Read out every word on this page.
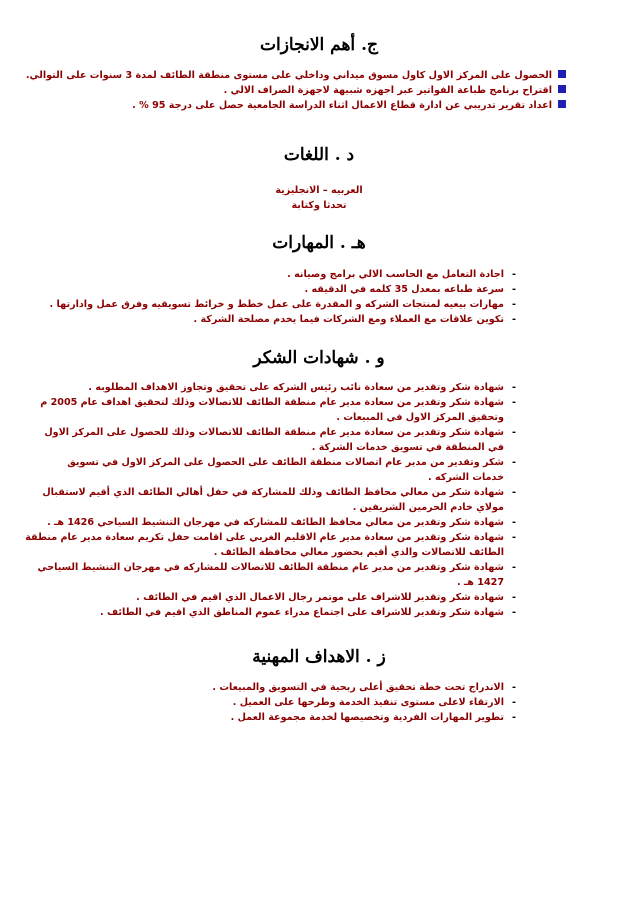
ج. أهم الانجازات
الحصول على المركز الاول كاول مسوق ميداني وداخلي على مستوى منطقة الطائف لمدة 3 سنوات على التوالي.
اقتراح برنامج طباعة الفواتير عبر اجهزه شبيهة لاجهزة الصراف الالي .
اعداد تقرير تدريبي عن ادارة قطاع الاعمال اثناء الدراسة الجامعية حصل على درجة 95 % .
د . اللغات
العربيه – الانجليزية
تحدثا وكتابة
هـ . المهارات
-اجادة التعامل مع الحاسب الالي برامج وصيانه .
-سرعة طباعه بمعدل 35 كلمه في الدقيقه .
-مهارات بيعيه لمنتجات الشركه و المقدرة على عمل خطط و خرائط تسويقيه وفرق عمل وادارتها .
-تكوين علاقات مع العملاء ومع الشركات فيما يخدم مصلحة الشركة .
و . شهادات الشكر
-شهادة شكر وتقدير من سعادة نائب رئيس الشركه على تحقيق وتجاوز الاهداف المطلوبه .
-شهادة شكر وتقدير من سعادة مدير عام منطقة الطائف للاتصالات وذلك لتحقيق اهداف عام 2005 م
وتحقيق المركز الاول في المبيعات .
-شهادة شكر وتقدير من سعادة مدير عام منطقة الطائف للاتصالات وذلك للحصول على المركز الاول
في المنطقة في تسويق خدمات الشركة .
-شكر وتقدير من مدير عام اتصالات منطقة الطائف على الحصول على المركز الاول في تسويق
خدمات الشركه .
-شهادة شكر من معالي محافظ الطائف وذلك للمشاركة في حفل أهالي الطائف الذي أقيم لاستقبال
مولاي خادم الحرمين الشريفين .
-شهادة شكر وتقدير من معالي محافظ الطائف للمشاركه في مهرجان التنشيط السياحي 1426 هـ .
-شهادة شكر وتقدير من سعادة مدير عام الاقليم الغربي على اقامت حفل تكريم سعادة مدير عام منطقة
الطائف للاتصالات والذي أقيم بحضور معالي محافظة الطائف .
-شهادة شكر وتقدير من مدير عام منطقة الطائف للاتصالات للمشاركه في مهرجان التنشيط السياحي
1427 هـ .
-شهادة شكر وتقدير للاشراف على موتمر رجال الاعمال الذي اقيم في الطائف .
-شهادة شكر وتقدير للاشراف على اجتماع مدراء عموم المناطق الذي اقيم في الطائف .
ز . الاهداف المهنية
-الاندراج تحت خطة تحقيق أعلى ربحية في التسويق والمبيعات .
-الارتقاء لاعلى مستوى تنفيذ الخدمة وطرحها على العميل .
-تطوير المهارات الفردية وتخصيصها لخدمة مجموعة العمل .
